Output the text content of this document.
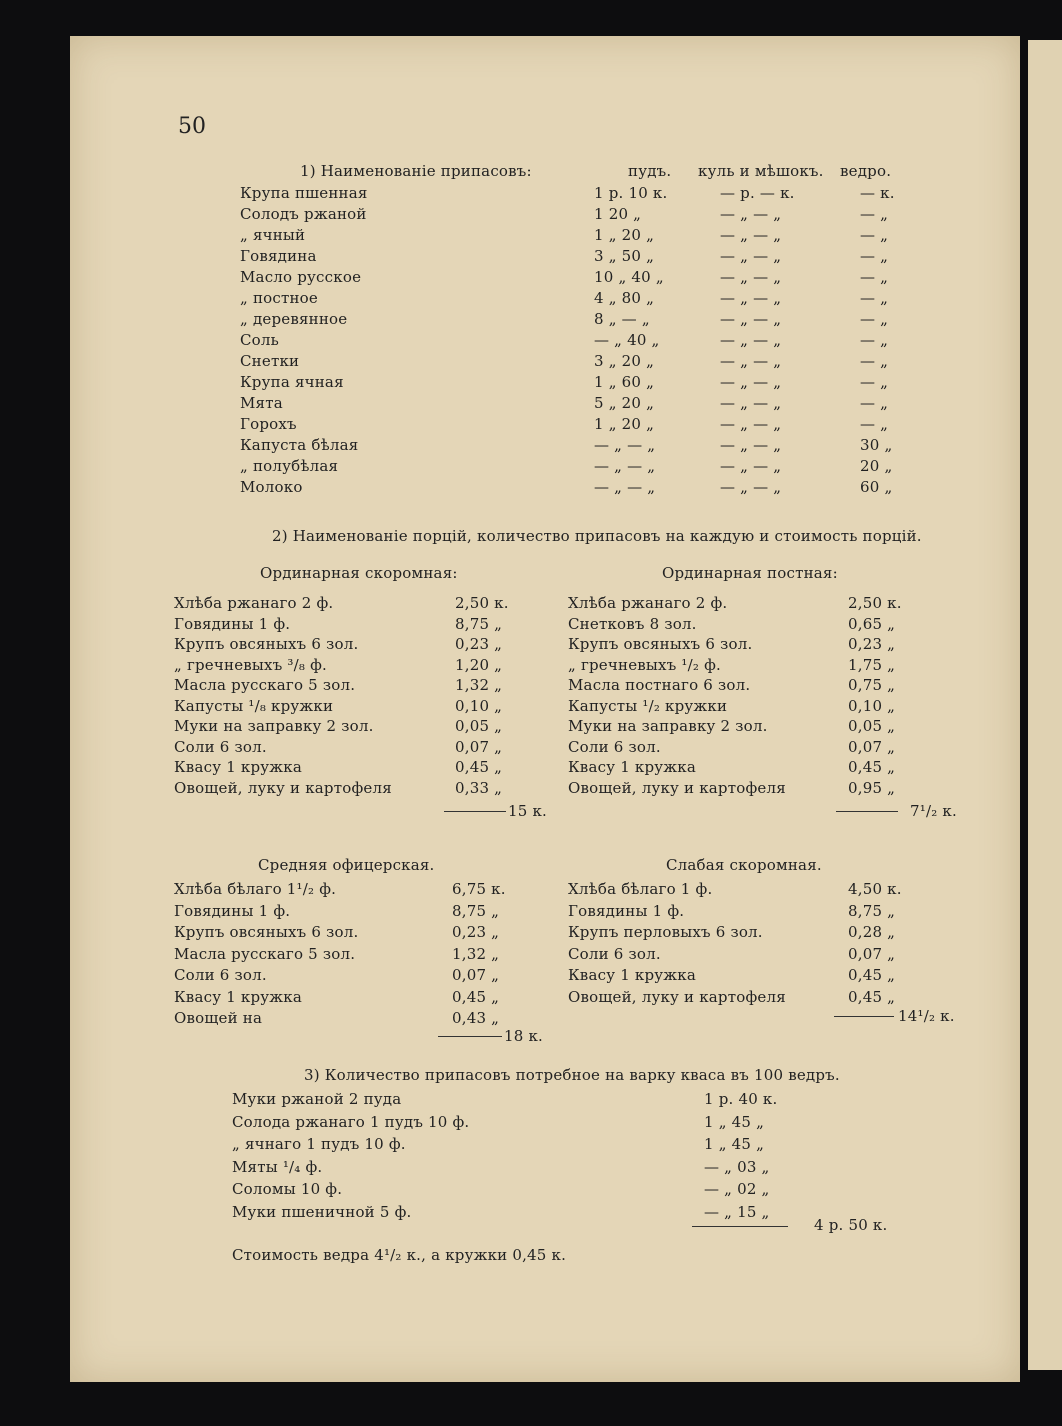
50
1) Наименованіе припасовъ:	пудъ. куль и мѣшокъ. ведро.
Крупа пшенная	1 р. 10 к.	— р. — к.	— к.
Солодъ ржаной	1 20 „	— „ — „	— „
„ ячный	1 „ 20 „	— „ — „	— „
Говядина	3 „ 50 „	— „ — „	— „
Масло русское	10 „ 40 „	— „ — „	— „
„ постное	4 „ 80 „	— „ — „	— „
„ деревянное	8 „ — „	— „ — „	— „
Соль	— „ 40 „	— „ — „	— „
Снетки	3 „ 20 „	— „ — „	— „
Крупа ячная	1 „ 60 „	— „ — „	— „
Мята	5 „ 20 „	— „ — „	— „
Горохъ	1 „ 20 „	— „ — „	— „
Капуста бѣлая	— „ — „	— „ — „	30 „
„ полубѣлая	— „ — „	— „ — „	20 „
Молоко	— „ — „	— „ — „	60 „
2) Наименованіе порцій, количество припасовъ на каждую и стоимость порцій.
Ординарная скоромная:	Ординарная постная:
Хлѣба ржанаго 2 ф.	2,50 к.
Говядины 1 ф.	8,75 „
Крупъ овсяныхъ 6 зол.	0,23 „
„ гречневыхъ ³/₈ ф.	1,20 „
Масла русскаго 5 зол.	1,32 „
Капусты ¹/₈ кружки	0,10 „
Муки на заправку 2 зол.	0,05 „
Соли 6 зол.	0,07 „
Квасу 1 кружка	0,45 „
Овощей, луку и картофеля	0,33 „
Хлѣба ржанаго 2 ф.	2,50 к.
Снетковъ 8 зол.	0,65 „
Крупъ овсяныхъ 6 зол.	0,23 „
„ гречневыхъ ¹/₂ ф.	1,75 „
Масла постнаго 6 зол.	0,75 „
Капусты ¹/₂ кружки	0,10 „
Муки на заправку 2 зол.	0,05 „
Соли 6 зол.	0,07 „
Квасу 1 кружка	0,45 „
Овощей, луку и картофеля	0,95 „
15 к.	7¹/₂ к.
Средняя офицерская.	Слабая скоромная.
Хлѣба бѣлаго 1¹/₂ ф.	6,75 к.
Говядины 1 ф.	8,75 „
Крупъ овсяныхъ 6 зол.	0,23 „
Масла русскаго 5 зол.	1,32 „
Соли 6 зол.	0,07 „
Квасу 1 кружка	0,45 „
Овощей на	0,43 „
Хлѣба бѣлаго 1 ф.	4,50 к.
Говядины 1 ф.	8,75 „
Крупъ перловыхъ 6 зол.	0,28 „
Соли 6 зол.	0,07 „
Квасу 1 кружка	0,45 „
Овощей, луку и картофеля	0,45 „
18 к.
14¹/₂ к.
3) Количество припасовъ потребное на варку кваса въ 100 ведръ.
Муки ржаной 2 пуда	1 р. 40 к.
Солода ржанаго 1 пудъ 10 ф.	1 „ 45 „
„ ячнаго 1 пудъ 10 ф.	1 „ 45 „
Мяты ¹/₄ ф.	— „ 03 „
Соломы 10 ф.	— „ 02 „
Муки пшеничной 5 ф.	— „ 15 „
4 р. 50 к.
Стоимость ведра 4¹/₂ к., а кружки 0,45 к.
